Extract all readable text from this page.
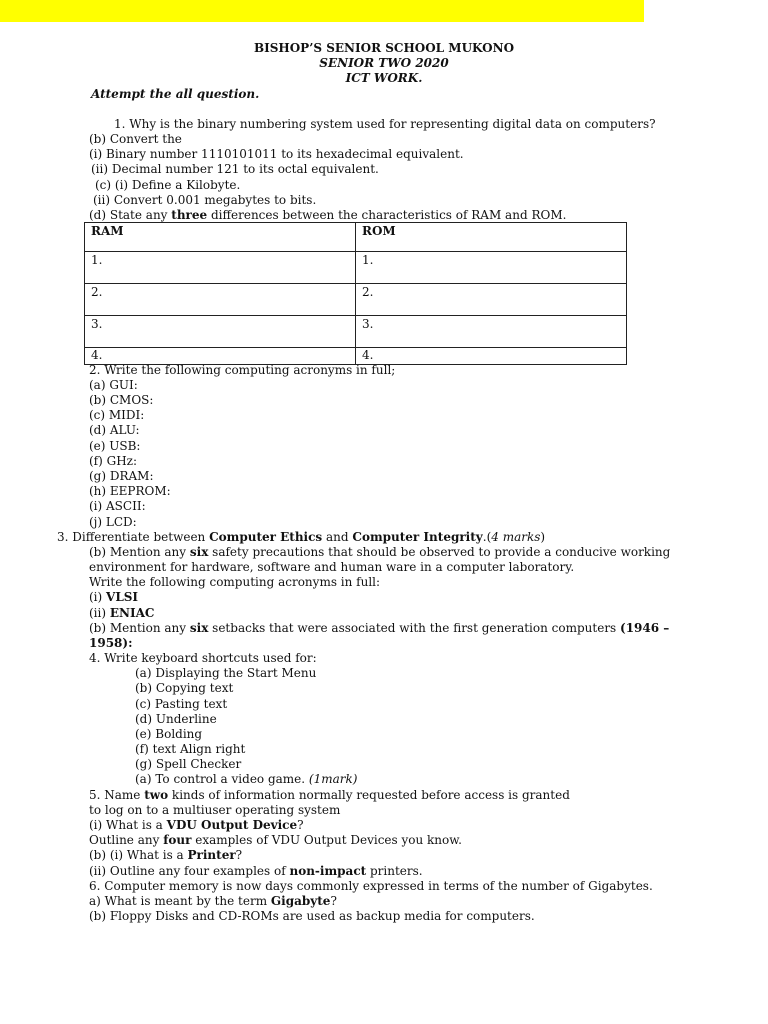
BISHOP’S SENIOR SCHOOL MUKONO
SENIOR TWO 2020
ICT WORK.
Attempt the all question.
1. Why is the binary numbering system used for representing digital data on computers?
(b) Convert the
(i) Binary number 1110101011 to its hexadecimal equivalent.
(ii) Decimal number 121 to its octal equivalent.
(c) (i) Define a Kilobyte.
(ii) Convert 0.001 megabytes to bits.
(d) State any three differences between the characteristics of RAM and ROM.
RAM	ROM
1.	1.
2.	2.
3.	3.
4.	4.
2. Write the following computing acronyms in full;
(a) GUI:
(b) CMOS:
(c) MIDI:
(d) ALU:
(e) USB:
(f) GHz:
(g) DRAM:
(h) EEPROM:
(i) ASCII:
(j) LCD:
3. Differentiate between Computer Ethics and Computer Integrity.(4 marks)
(b) Mention any six safety precautions that should be observed to provide a conducive working
environment for hardware, software and human ware in a computer laboratory.
Write the following computing acronyms in full:
(i) VLSI
(ii) ENIAC
(b) Mention any six setbacks that were associated with the first generation computers (1946 –
1958):
4. Write keyboard shortcuts used for:
(a) Displaying the Start Menu
(b) Copying text
(c) Pasting text
(d) Underline
(e) Bolding
(f) text Align right
(g) Spell Checker
(a) To control a video game. (1mark)
5. Name two kinds of information normally requested before access is granted
to log on to a multiuser operating system
(i) What is a VDU Output Device?
Outline any four examples of VDU Output Devices you know.
(b) (i) What is a Printer?
(ii) Outline any four examples of non-impact printers.
6. Computer memory is now days commonly expressed in terms of the number of Gigabytes.
a) What is meant by the term Gigabyte?
(b) Floppy Disks and CD-ROMs are used as backup media for computers.
